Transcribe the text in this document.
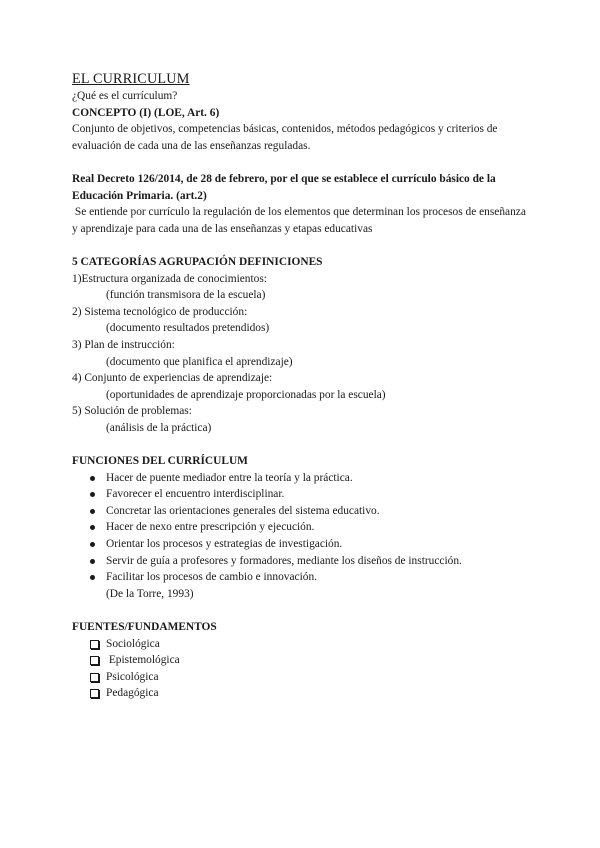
EL CURRICULUM

¿Qué es el currículum?

CONCEPTO (I) (LOE, Art. 6)

Conjunto de objetivos, competencias básicas, contenidos, métodos pedagógicos y criterios de evaluación de cada una de las enseñanzas reguladas.

Real Decreto 126/2014, de 28 de febrero, por el que se establece el currículo básico de la Educación Primaria. (art.2)

Se entiende por currículo la regulación de los elementos que determinan los procesos de enseñanza y aprendizaje para cada una de las enseñanzas y etapas educativas

5 CATEGORÍAS AGRUPACIÓN DEFINICIONES

1)Estructura organizada de conocimientos:

(función transmisora de la escuela)

2) Sistema tecnológico de producción:

(documento resultados pretendidos)

3) Plan de instrucción:

(documento que planifica el aprendizaje)

4) Conjunto de experiencias de aprendizaje:

(oportunidades de aprendizaje proporcionadas por la escuela)

5) Solución de problemas:

(análisis de la práctica)

FUNCIONES DEL CURRÍCULUM

Hacer de puente mediador entre la teoría y la práctica.
Favorecer el encuentro interdisciplinar.
Concretar las orientaciones generales del sistema educativo.
Hacer de nexo entre prescripción y ejecución.
Orientar los procesos y estrategias de investigación.
Servir de guía a profesores y formadores, mediante los diseños de instrucción.
Facilitar los procesos de cambio e innovación.

(De la Torre, 1993)

FUENTES/FUNDAMENTOS

Sociológica
Epistemológica
Psicológica
Pedagógica
